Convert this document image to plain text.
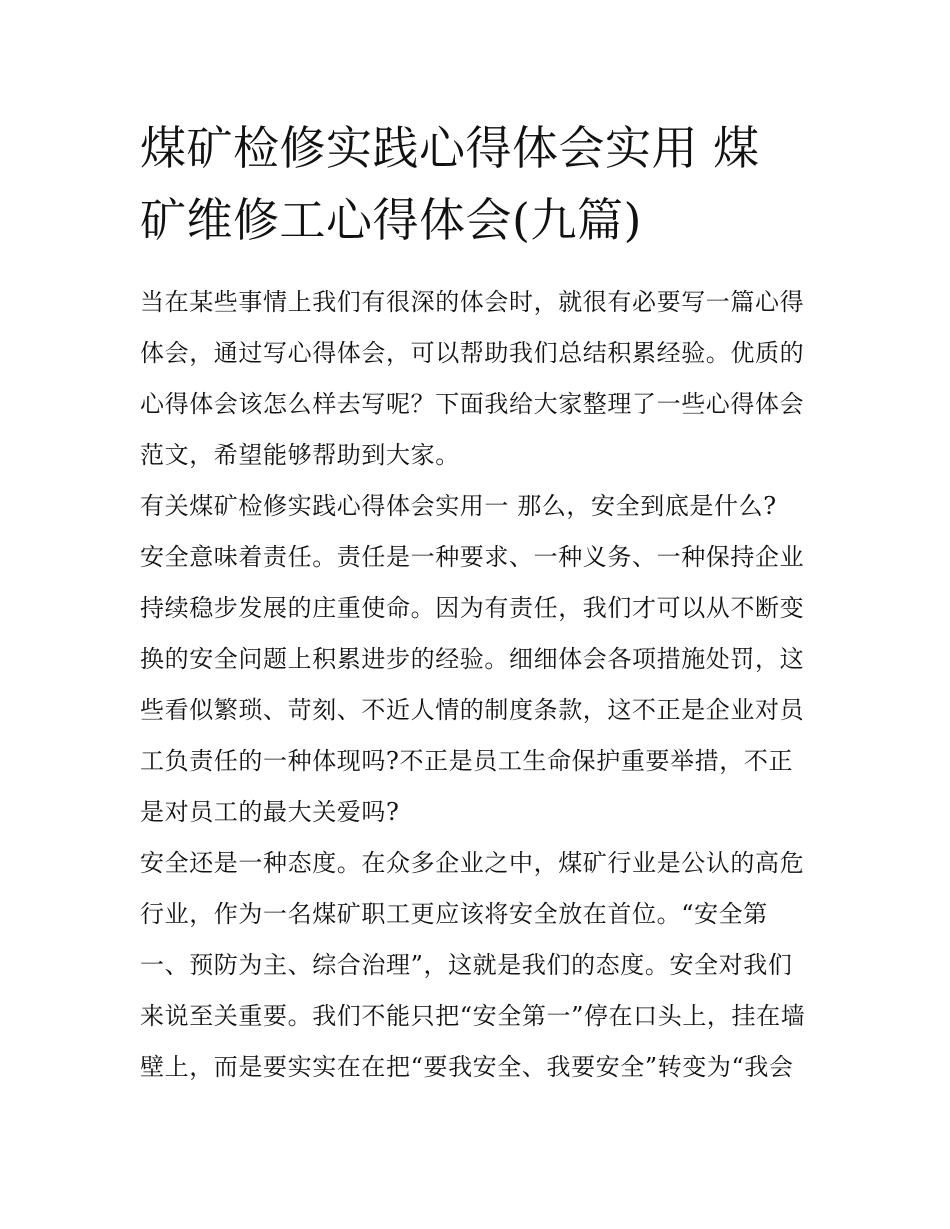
煤矿检修实践心得体会实用 煤
矿维修工心得体会(九篇)
当在某些事情上我们有很深的体会时，就很有必要写一篇心得
体会，通过写心得体会，可以帮助我们总结积累经验。优质的
心得体会该怎么样去写呢？下面我给大家整理了一些心得体会
范文，希望能够帮助到大家。
有关煤矿检修实践心得体会实用一 那么，安全到底是什么?
安全意味着责任。责任是一种要求、一种义务、一种保持企业
持续稳步发展的庄重使命。因为有责任，我们才可以从不断变
换的安全问题上积累进步的经验。细细体会各项措施处罚，这
些看似繁琐、苛刻、不近人情的制度条款，这不正是企业对员
工负责任的一种体现吗?不正是员工生命保护重要举措，不正
是对员工的最大关爱吗?
安全还是一种态度。在众多企业之中，煤矿行业是公认的高危
行业，作为一名煤矿职工更应该将安全放在首位。“安全第
一、预防为主、综合治理”，这就是我们的态度。安全对我们
来说至关重要。我们不能只把“安全第一”停在口头上，挂在墙
壁上，而是要实实在在把“要我安全、我要安全”转变为“我会
